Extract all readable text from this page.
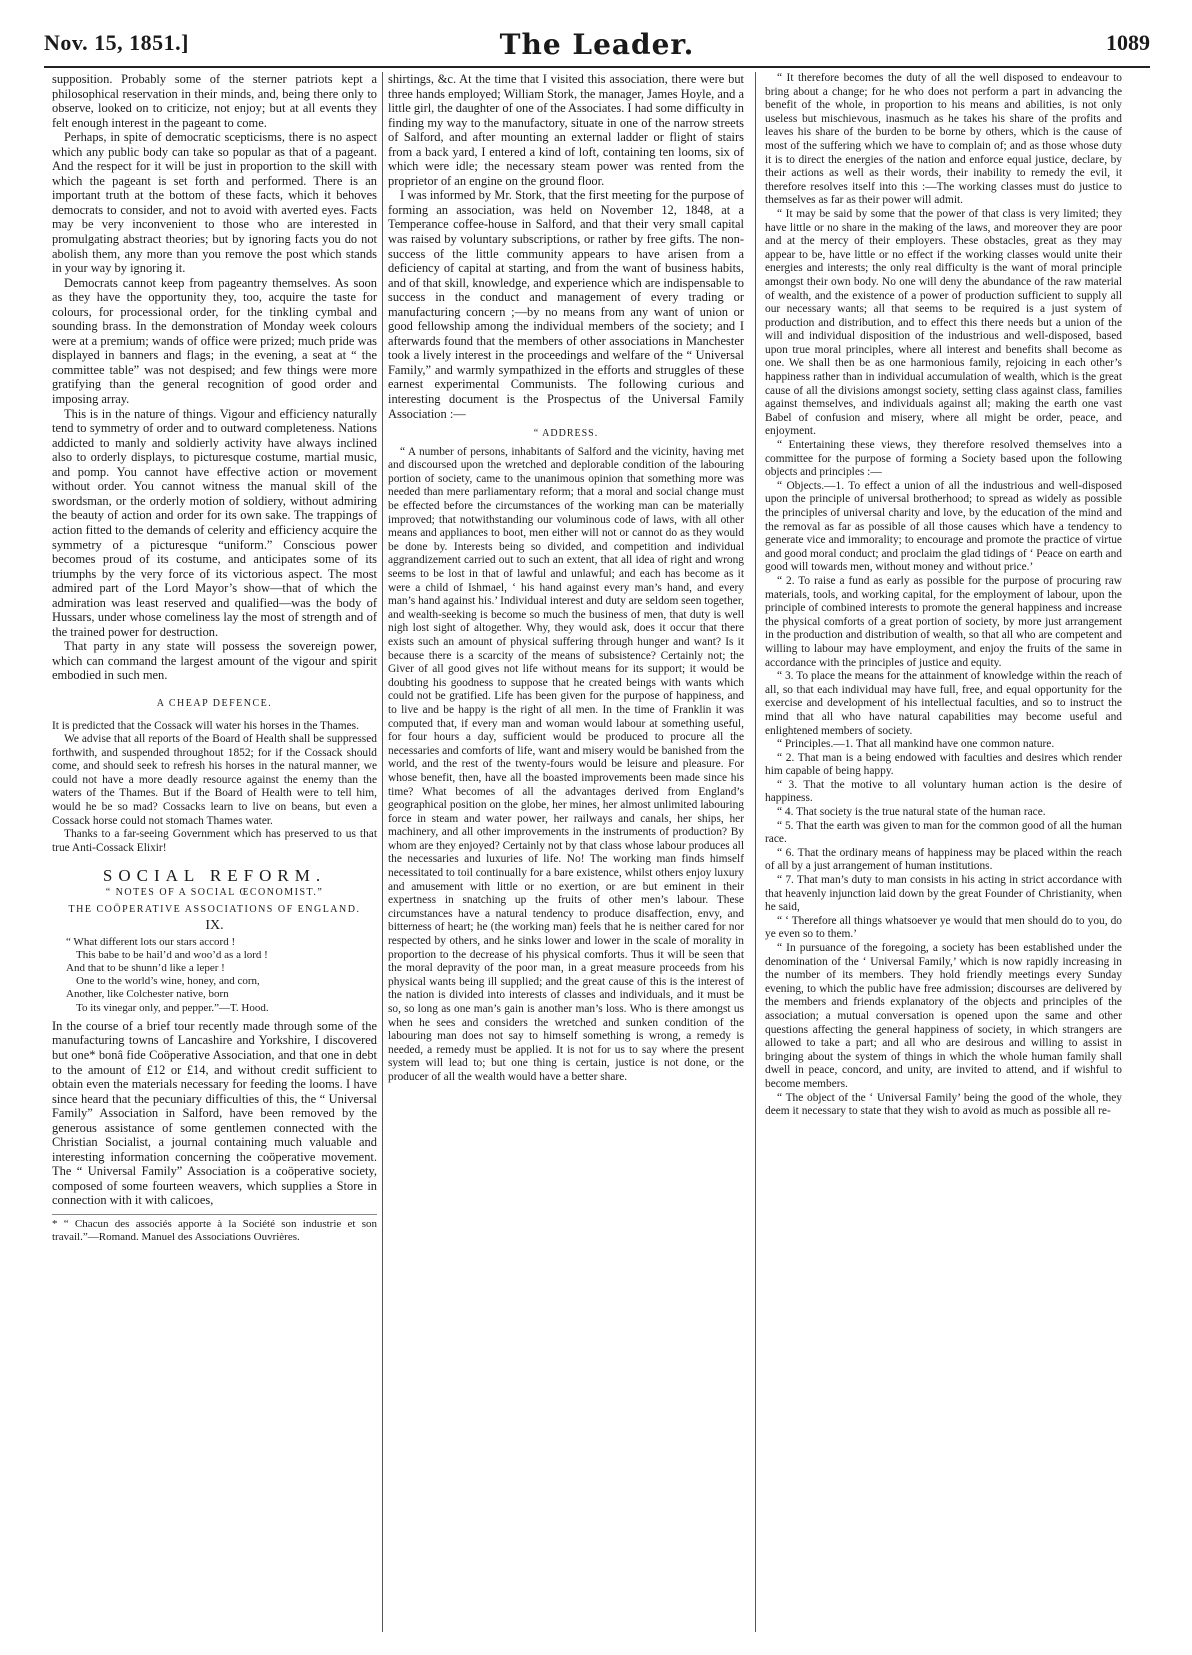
Nov. 15, 1851.]	The Leader.	1089

supposition. Probably some of the sterner patriots kept a philosophical reservation in their minds, and, being there only to observe, looked on to criticize, not enjoy; but at all events they felt enough interest in the pageant to come.

Perhaps, in spite of democratic scepticisms, there is no aspect which any public body can take so popular as that of a pageant. And the respect for it will be just in proportion to the skill with which the pageant is set forth and performed. There is an important truth at the bottom of these facts, which it behoves democrats to consider, and not to avoid with averted eyes. Facts may be very inconvenient to those who are interested in promulgating abstract theories; but by ignoring facts you do not abolish them, any more than you remove the post which stands in your way by ignoring it.

Democrats cannot keep from pageantry themselves. As soon as they have the opportunity they, too, acquire the taste for colours, for processional order, for the tinkling cymbal and sounding brass. In the demonstration of Monday week colours were at a premium; wands of office were prized; much pride was displayed in banners and flags; in the evening, a seat at “ the committee table” was not despised; and few things were more gratifying than the general recognition of good order and imposing array.

This is in the nature of things. Vigour and efficiency naturally tend to symmetry of order and to outward completeness. Nations addicted to manly and soldierly activity have always inclined also to orderly displays, to picturesque costume, martial music, and pomp. You cannot have effective action or movement without order. You cannot witness the manual skill of the swordsman, or the orderly motion of soldiery, without admiring the beauty of action and order for its own sake. The trappings of action fitted to the demands of celerity and efficiency acquire the symmetry of a picturesque “uniform.” Conscious power becomes proud of its costume, and anticipates some of its triumphs by the very force of its victorious aspect. The most admired part of the Lord Mayor’s show—that of which the admiration was least reserved and qualified—was the body of Hussars, under whose comeliness lay the most of strength and of the trained power for destruction.

That party in any state will possess the sovereign power, which can command the largest amount of the vigour and spirit embodied in such men.

A CHEAP DEFENCE.

It is predicted that the Cossack will water his horses in the Thames.

We advise that all reports of the Board of Health shall be suppressed forthwith, and suspended throughout 1852; for if the Cossack should come, and should seek to refresh his horses in the natural manner, we could not have a more deadly resource against the enemy than the waters of the Thames. But if the Board of Health were to tell him, would he be so mad? Cossacks learn to live on beans, but even a Cossack horse could not stomach Thames water.

Thanks to a far-seeing Government which has preserved to us that true Anti-Cossack Elixir!

SOCIAL REFORM.
“ NOTES OF A SOCIAL ŒCONOMIST.”
THE COÖPERATIVE ASSOCIATIONS OF ENGLAND.
IX.
“ What different lots our stars accord !
This babe to be hail’d and woo’d as a lord !
And that to be shunn’d like a leper !
One to the world’s wine, honey, and corn,
Another, like Colchester native, born
To its vinegar only, and pepper.”—T. Hood.

In the course of a brief tour recently made through some of the manufacturing towns of Lancashire and Yorkshire, I discovered but one* bonâ fide Coöperative Association, and that one in debt to the amount of £12 or £14, and without credit sufficient to obtain even the materials necessary for feeding the looms. I have since heard that the pecuniary difficulties of this, the “ Universal Family” Association in Salford, have been removed by the generous assistance of some gentlemen connected with the Christian Socialist, a journal containing much valuable and interesting information concerning the coöperative movement. The “ Universal Family” Association is a coöperative society, composed of some fourteen weavers, which supplies a Store in connection with it with calicoes,

* “ Chacun des associés apporte à la Société son industrie et son travail.”—Romand. Manuel des Associations Ouvrières.

shirtings, &c. At the time that I visited this association, there were but three hands employed; William Stork, the manager, James Hoyle, and a little girl, the daughter of one of the Associates. I had some difficulty in finding my way to the manufactory, situate in one of the narrow streets of Salford, and after mounting an external ladder or flight of stairs from a back yard, I entered a kind of loft, containing ten looms, six of which were idle; the necessary steam power was rented from the proprietor of an engine on the ground floor.

I was informed by Mr. Stork, that the first meeting for the purpose of forming an association, was held on November 12, 1848, at a Temperance coffee-house in Salford, and that their very small capital was raised by voluntary subscriptions, or rather by free gifts. The non-success of the little community appears to have arisen from a deficiency of capital at starting, and from the want of business habits, and of that skill, knowledge, and experience which are indispensable to success in the conduct and management of every trading or manufacturing concern ;—by no means from any want of union or good fellowship among the individual members of the society; and I afterwards found that the members of other associations in Manchester took a lively interest in the proceedings and welfare of the “ Universal Family,” and warmly sympathized in the efforts and struggles of these earnest experimental Communists. The following curious and interesting document is the Prospectus of the Universal Family Association :—

“ ADDRESS.

“ A number of persons, inhabitants of Salford and the vicinity, having met and discoursed upon the wretched and deplorable condition of the labouring portion of society, came to the unanimous opinion that something more was needed than mere parliamentary reform; that a moral and social change must be effected before the circumstances of the working man can be materially improved; that notwithstanding our voluminous code of laws, with all other means and appliances to boot, men either will not or cannot do as they would be done by. Interests being so divided, and competition and individual aggrandizement carried out to such an extent, that all idea of right and wrong seems to be lost in that of lawful and unlawful; and each has become as it were a child of Ishmael, ‘ his hand against every man’s hand, and every man’s hand against his.’ Individual interest and duty are seldom seen together, and wealth-seeking is become so much the business of men, that duty is well nigh lost sight of altogether. Why, they would ask, does it occur that there exists such an amount of physical suffering through hunger and want? Is it because there is a scarcity of the means of subsistence? Certainly not; the Giver of all good gives not life without means for its support; it would be doubting his goodness to suppose that he created beings with wants which could not be gratified. Life has been given for the purpose of happiness, and to live and be happy is the right of all men. In the time of Franklin it was computed that, if every man and woman would labour at something useful, for four hours a day, sufficient would be produced to procure all the necessaries and comforts of life, want and misery would be banished from the world, and the rest of the twenty-fours would be leisure and pleasure. For whose benefit, then, have all the boasted improvements been made since his time? What becomes of all the advantages derived from England’s geographical position on the globe, her mines, her almost unlimited labouring force in steam and water power, her railways and canals, her ships, her machinery, and all other improvements in the instruments of production? By whom are they enjoyed? Certainly not by that class whose labour produces all the necessaries and luxuries of life. No! The working man finds himself necessitated to toil continually for a bare existence, whilst others enjoy luxury and amusement with little or no exertion, or are but eminent in their expertness in snatching up the fruits of other men’s labour. These circumstances have a natural tendency to produce disaffection, envy, and bitterness of heart; he (the working man) feels that he is neither cared for nor respected by others, and he sinks lower and lower in the scale of morality in proportion to the decrease of his physical comforts. Thus it will be seen that the moral depravity of the poor man, in a great measure proceeds from his physical wants being ill supplied; and the great cause of this is the interest of the nation is divided into interests of classes and individuals, and it must be so, so long as one man’s gain is another man’s loss. Who is there amongst us when he sees and considers the wretched and sunken condition of the labouring man does not say to himself something is wrong, a remedy is needed, a remedy must be applied. It is not for us to say where the present system will lead to; but one thing is certain, justice is not done, or the producer of all the wealth would have a better share.

“ It therefore becomes the duty of all the well disposed to endeavour to bring about a change; for he who does not perform a part in advancing the benefit of the whole, in proportion to his means and abilities, is not only useless but mischievous, inasmuch as he takes his share of the profits and leaves his share of the burden to be borne by others, which is the cause of most of the suffering which we have to complain of; and as those whose duty it is to direct the energies of the nation and enforce equal justice, declare, by their actions as well as their words, their inability to remedy the evil, it therefore resolves itself into this :—The working classes must do justice to themselves as far as their power will admit.

“ It may be said by some that the power of that class is very limited; they have little or no share in the making of the laws, and moreover they are poor and at the mercy of their employers. These obstacles, great as they may appear to be, have little or no effect if the working classes would unite their energies and interests; the only real difficulty is the want of moral principle amongst their own body. No one will deny the abundance of the raw material of wealth, and the existence of a power of production sufficient to supply all our necessary wants; all that seems to be required is a just system of production and distribution, and to effect this there needs but a union of the will and individual disposition of the industrious and well-disposed, based upon true moral principles, where all interest and benefits shall become as one. We shall then be as one harmonious family, rejoicing in each other’s happiness rather than in individual accumulation of wealth, which is the great cause of all the divisions amongst society, setting class against class, families against themselves, and individuals against all; making the earth one vast Babel of confusion and misery, where all might be order, peace, and enjoyment.

“ Entertaining these views, they therefore resolved themselves into a committee for the purpose of forming a Society based upon the following objects and principles :—

“ Objects.—1. To effect a union of all the industrious and well-disposed upon the principle of universal brotherhood; to spread as widely as possible the principles of universal charity and love, by the education of the mind and the removal as far as possible of all those causes which have a tendency to generate vice and immorality; to encourage and promote the practice of virtue and good moral conduct; and proclaim the glad tidings of ‘ Peace on earth and good will towards men, without money and without price.’

“ 2. To raise a fund as early as possible for the purpose of procuring raw materials, tools, and working capital, for the employment of labour, upon the principle of combined interests to promote the general happiness and increase the physical comforts of a great portion of society, by more just arrangement in the production and distribution of wealth, so that all who are competent and willing to labour may have employment, and enjoy the fruits of the same in accordance with the principles of justice and equity.

“ 3. To place the means for the attainment of knowledge within the reach of all, so that each individual may have full, free, and equal opportunity for the exercise and development of his intellectual faculties, and so to instruct the mind that all who have natural capabilities may become useful and enlightened members of society.

“ Principles.—1. That all mankind have one common nature.

“ 2. That man is a being endowed with faculties and desires which render him capable of being happy.

“ 3. That the motive to all voluntary human action is the desire of happiness.

“ 4. That society is the true natural state of the human race.

“ 5. That the earth was given to man for the common good of all the human race.

“ 6. That the ordinary means of happiness may be placed within the reach of all by a just arrangement of human institutions.

“ 7. That man’s duty to man consists in his acting in strict accordance with that heavenly injunction laid down by the great Founder of Christianity, when he said,

“ ‘ Therefore all things whatsoever ye would that men should do to you, do ye even so to them.’

“ In pursuance of the foregoing, a society has been established under the denomination of the ‘ Universal Family,’ which is now rapidly increasing in the number of its members. They hold friendly meetings every Sunday evening, to which the public have free admission; discourses are delivered by the members and friends explanatory of the objects and principles of the association; a mutual conversation is opened upon the same and other questions affecting the general happiness of society, in which strangers are allowed to take a part; and all who are desirous and willing to assist in bringing about the system of things in which the whole human family shall dwell in peace, concord, and unity, are invited to attend, and if wishful to become members.

“ The object of the ‘ Universal Family’ being the good of the whole, they deem it necessary to state that they wish to avoid as much as possible all re-
